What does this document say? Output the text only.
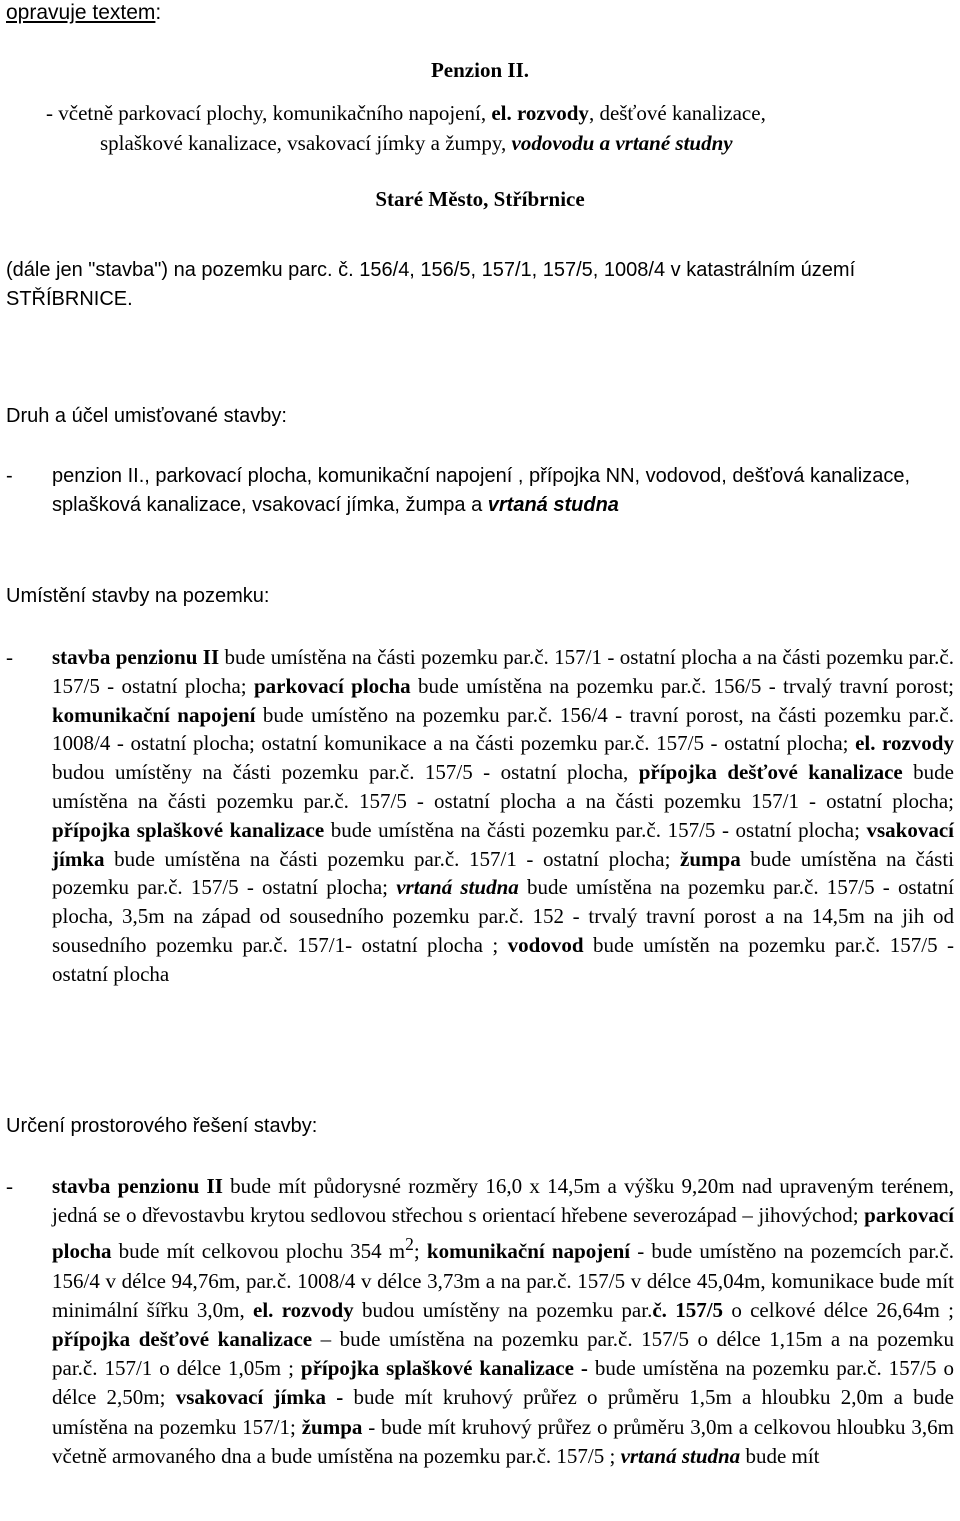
opravuje textem:
Penzion II.
- včetně parkovací plochy, komunikačního napojení, el. rozvody, dešťové kanalizace,
splaškové kanalizace, vsakovací jímky a žumpy, vodovodu a vrtané studny
Staré Město, Stříbrnice
(dále jen "stavba") na pozemku parc. č. 156/4, 156/5, 157/1, 157/5, 1008/4 v katastrálním území STŘÍBRNICE.
Druh a účel umisťované stavby:
-	penzion II., parkovací plocha, komunikační napojení , přípojka NN, vodovod, dešťová kanalizace, splašková kanalizace, vsakovací jímka, žumpa a vrtaná studna
Umístění stavby na pozemku:
-	stavba penzionu II bude umístěna na části pozemku par.č. 157/1 - ostatní plocha a na části pozemku par.č. 157/5 - ostatní plocha; parkovací plocha bude umístěna na pozemku par.č. 156/5 - trvalý travní porost; komunikační napojení bude umístěno na pozemku par.č. 156/4 - travní porost, na části pozemku par.č. 1008/4 - ostatní plocha; ostatní komunikace a na části pozemku par.č. 157/5 - ostatní plocha; el. rozvody budou umístěny na části pozemku par.č. 157/5 - ostatní plocha, přípojka dešťové kanalizace bude umístěna na části pozemku par.č. 157/5 - ostatní plocha a na části pozemku 157/1 - ostatní plocha; přípojka splaškové kanalizace bude umístěna na části pozemku par.č. 157/5 - ostatní plocha; vsakovací jímka bude umístěna na části pozemku par.č. 157/1 - ostatní plocha; žumpa bude umístěna na části pozemku par.č. 157/5 - ostatní plocha; vrtaná studna bude umístěna na pozemku par.č. 157/5 - ostatní plocha, 3,5m na západ od sousedního pozemku par.č. 152 - trvalý travní porost a na 14,5m na jih od sousedního pozemku par.č. 157/1- ostatní plocha ; vodovod bude umístěn na pozemku par.č. 157/5 - ostatní plocha
Určení prostorového řešení stavby:
-	stavba penzionu II bude mít půdorysné rozměry 16,0 x 14,5m a výšku 9,20m nad upraveným terénem, jedná se o dřevostavbu krytou sedlovou střechou s orientací hřebene severozápad – jihovýchod; parkovací plocha bude mít celkovou plochu 354 $m^2$; komunikační napojení - bude umístěno na pozemcích par.č. 156/4 v délce 94,76m, par.č. 1008/4 v délce 3,73m a na par.č. 157/5 v délce 45,04m, komunikace bude mít minimální šířku 3,0m, el. rozvody budou umístěny na pozemku par.č. 157/5 o celkové délce 26,64m ; přípojka dešťové kanalizace – bude umístěna na pozemku par.č. 157/5 o délce 1,15m a na pozemku par.č. 157/1 o délce 1,05m ; přípojka splaškové kanalizace - bude umístěna na pozemku par.č. 157/5 o délce 2,50m; vsakovací jímka - bude mít kruhový průřez o průměru 1,5m a hloubku 2,0m a bude umístěna na pozemku 157/1; žumpa - bude mít kruhový průřez o průměru 3,0m a celkovou hloubku 3,6m včetně armovaného dna a bude umístěna na pozemku par.č. 157/5 ; vrtaná studna bude mít
